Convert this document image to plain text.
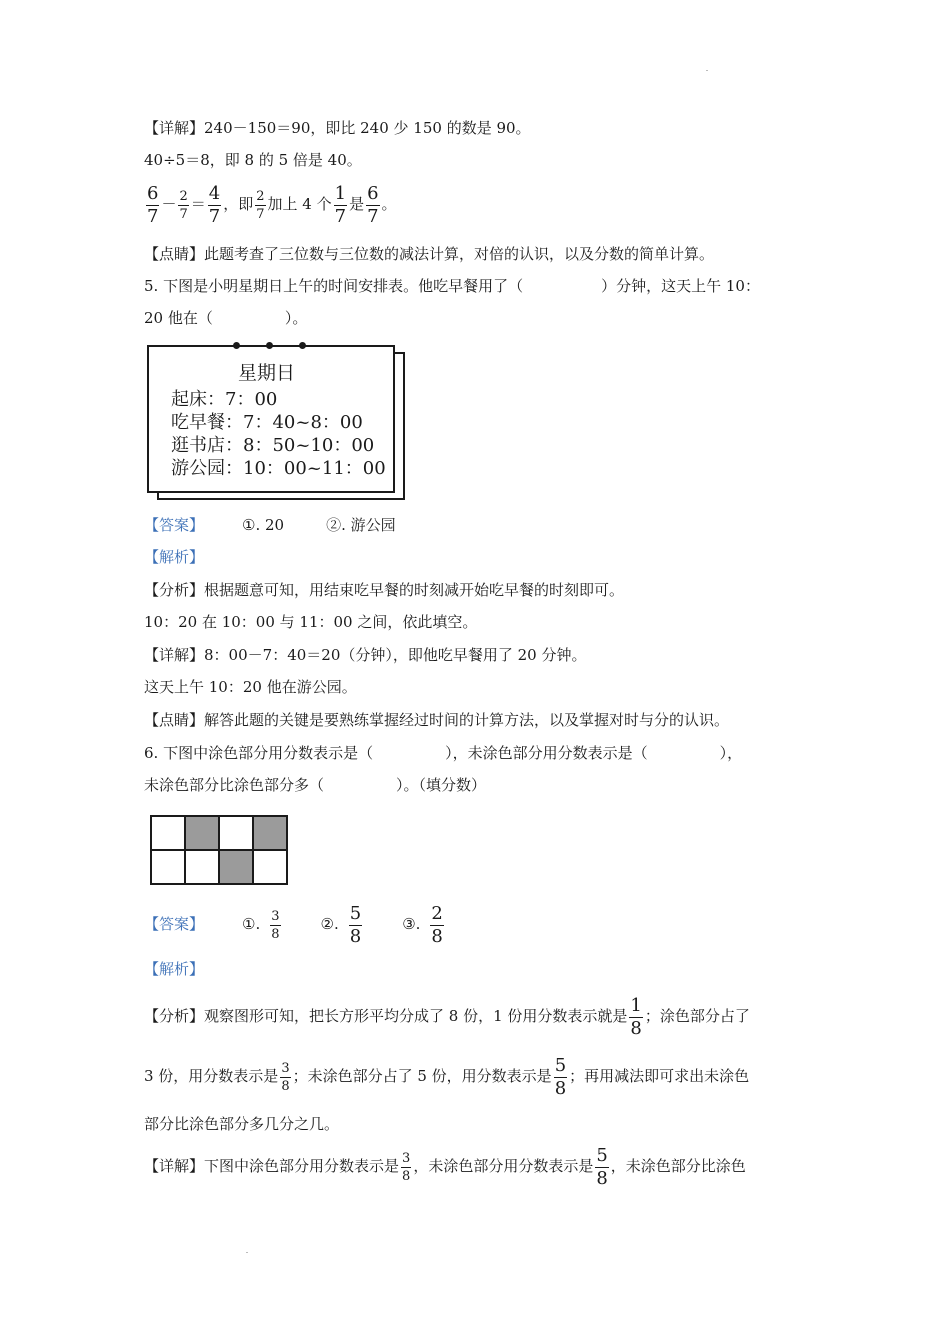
【详解】240－150＝90，即比 240 少 150 的数是 90。
40÷5＝8，即 8 的 5 倍是 40。
$\frac{6}{7} - \frac{2}{7} = \frac{4}{7}$ ，即 $\frac{2}{7}$ 加上 4 个 $\frac{1}{7}$ 是 $\frac{6}{7}$ 。
【点睛】此题考查了三位数与三位数的减法计算，对倍的认识，以及分数的简单计算。
5. 下图是小明星期日上午的时间安排表。他吃早餐用了（	）分钟，这天上午 10：
20 他在（	）。
星期日
起床：7：00
吃早餐：7：40~8：00
逛书店：8：50~10：00
游公园：10：00~11：00
【答案】	①. 20	②. 游公园
【解析】
【分析】根据题意可知，用结束吃早餐的时刻减开始吃早餐的时刻即可。
10：20 在 10：00 与 11：00 之间，依此填空。
【详解】8：00－7：40＝20（分钟），即他吃早餐用了 20 分钟。
这天上午 10：20 他在游公园。
【点睛】解答此题的关键是要熟练掌握经过时间的计算方法，以及掌握对时与分的认识。
6. 下图中涂色部分用分数表示是（	），未涂色部分用分数表示是（	），
未涂色部分比涂色部分多（	）。（填分数）
【答案】	①. $\frac{3}{8}$	②. $\frac{5}{8}$	③. $\frac{2}{8}$
【解析】
【分析】观察图形可知，把长方形平均分成了 8 份，1 份用分数表示就是 $\frac{1}{8}$ ；涂色部分占了
3 份，用分数表示是 $\frac{3}{8}$ ；未涂色部分占了 5 份，用分数表示是 $\frac{5}{8}$ ；再用减法即可求出未涂色
部分比涂色部分多几分之几。
【详解】下图中涂色部分用分数表示是 $\frac{3}{8}$ ，未涂色部分用分数表示是 $\frac{5}{8}$ ，未涂色部分比涂色
